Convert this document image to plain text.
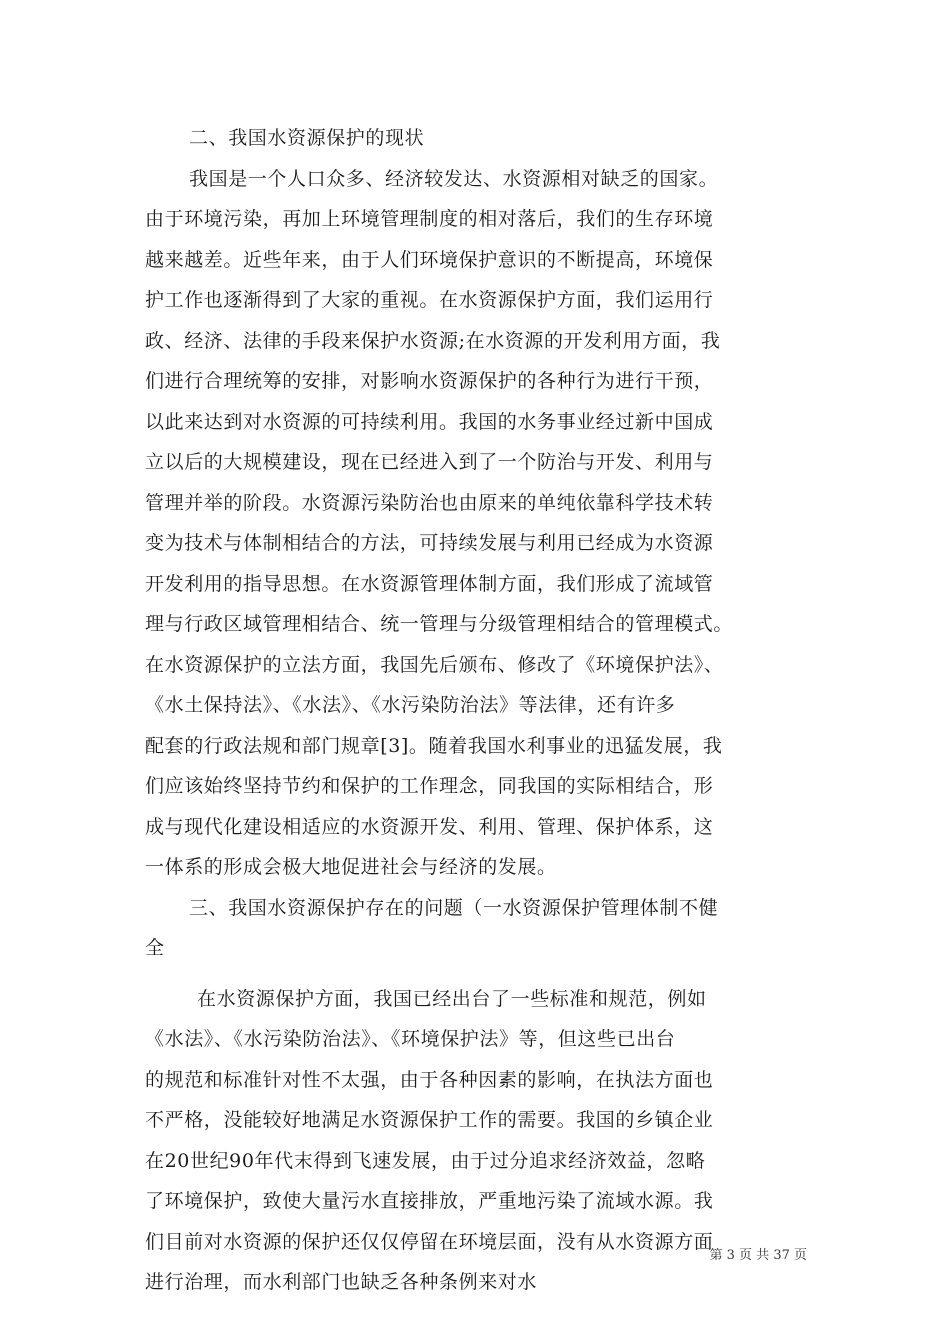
二、我国水资源保护的现状
我国是一个人口众多、经济较发达、水资源相对缺乏的国家。
由于环境污染，再加上环境管理制度的相对落后，我们的生存环境
越来越差。近些年来，由于人们环境保护意识的不断提高，环境保
护工作也逐渐得到了大家的重视。在水资源保护方面，我们运用行
政、经济、法律的手段来保护水资源;在水资源的开发利用方面，我
们进行合理统筹的安排，对影响水资源保护的各种行为进行干预，
以此来达到对水资源的可持续利用。我国的水务事业经过新中国成
立以后的大规模建设，现在已经进入到了一个防治与开发、利用与
管理并举的阶段。水资源污染防治也由原来的单纯依靠科学技术转
变为技术与体制相结合的方法，可持续发展与利用已经成为水资源
开发利用的指导思想。在水资源管理体制方面，我们形成了流域管
理与行政区域管理相结合、统一管理与分级管理相结合的管理模式。
在水资源保护的立法方面，我国先后颁布、修改了《环境保护法》、
《水土保持法》、《水法》、《水污染防治法》等法律，还有许多
配套的行政法规和部门规章[3]。随着我国水利事业的迅猛发展，我
们应该始终坚持节约和保护的工作理念，同我国的实际相结合，形
成与现代化建设相适应的水资源开发、利用、管理、保护体系，这
一体系的形成会极大地促进社会与经济的发展。
三、我国水资源保护存在的问题（一水资源保护管理体制不健
全
在水资源保护方面，我国已经出台了一些标准和规范，例如
《水法》、《水污染防治法》、《环境保护法》等，但这些已出台
的规范和标准针对性不太强，由于各种因素的影响，在执法方面也
不严格，没能较好地满足水资源保护工作的需要。我国的乡镇企业
在20世纪90年代末得到飞速发展，由于过分追求经济效益，忽略
了环境保护，致使大量污水直接排放，严重地污染了流域水源。我
们目前对水资源的保护还仅仅停留在环境层面，没有从水资源方面
进行治理，而水利部门也缺乏各种条例来对水
第 3 页 共 37 页
